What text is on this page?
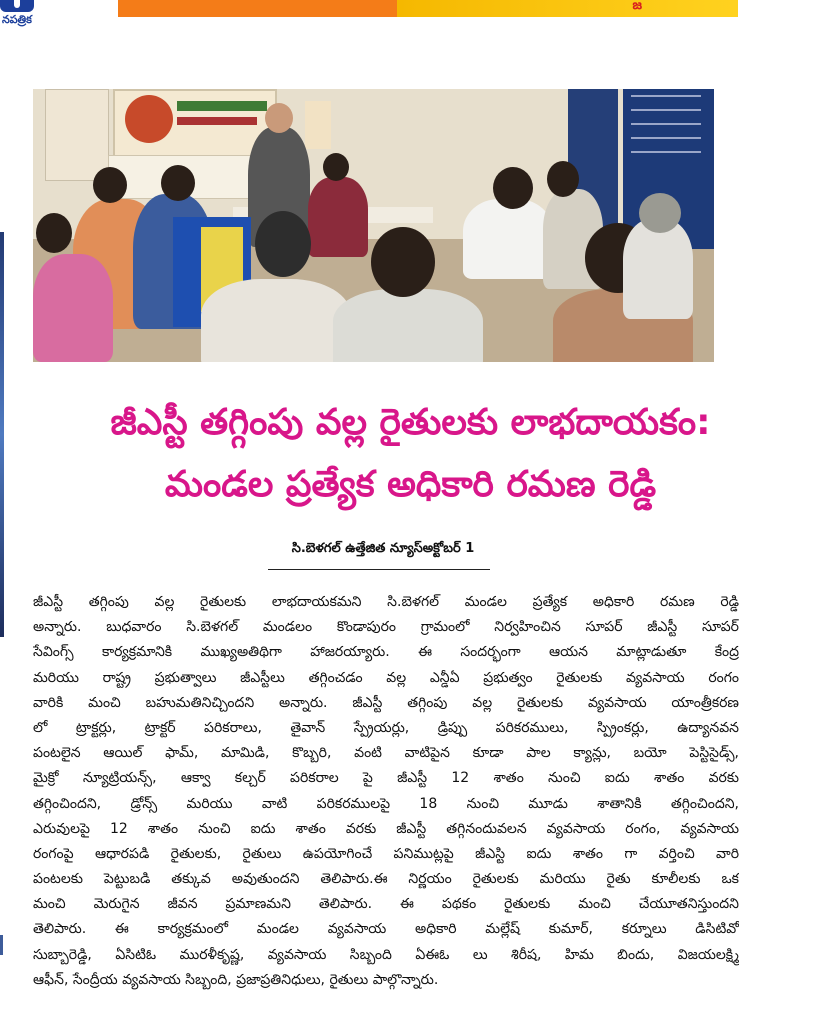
నపత్రిక
జ
జీఎస్టీ తగ్గింపు వల్ల రైతులకు లాభదాయకం:
మండల ప్రత్యేక అధికారి రమణ రెడ్డి
సి.బెళగల్ ఉత్తేజిత న్యూస్అక్టోబర్ 1
జీఎస్టీ తగ్గింపు వల్ల రైతులకు లాభదాయకమని సి.బెళగల్ మండల ప్రత్యేక అధికారి రమణ రెడ్డి
అన్నారు. బుధవారం సి.బెళగల్ మండలం కొండాపురం గ్రామంలో నిర్వహించిన సూపర్ జీఎస్టీ సూపర్
సేవింగ్స్ కార్యక్రమానికి ముఖ్యఅతిథిగా హాజరయ్యారు. ఈ సందర్భంగా ఆయన మాట్లాడుతూ కేంద్ర
మరియు రాష్ట్ర ప్రభుత్వాలు జీఎస్టీలు తగ్గించడం వల్ల ఎన్డీఏ ప్రభుత్వం రైతులకు వ్యవసాయ రంగం
వారికి మంచి బహుమతినిచ్చిందని అన్నారు. జీఎస్టీ తగ్గింపు వల్ల రైతులకు వ్యవసాయ యాంత్రీకరణ
లో ట్రాక్టర్లు, ట్రాక్టర్ పరికరాలు, తైవాన్ స్ప్రేయర్లు, డ్రిప్పు పరికరములు, స్ప్రింకర్లు, ఉద్యానవన
పంటలైన ఆయిల్ ఫామ్, మామిడి, కొబ్బరి, వంటి వాటిపైన కూడా పాల క్యాన్లు, బయో పెస్టిసైడ్స్,
మైక్రో న్యూట్రియన్స్, ఆక్వా కల్చర్ పరికరాల పై జీఎస్టీ 12 శాతం నుంచి ఐదు శాతం వరకు
తగ్గించిందని, డ్రోన్స్ మరియు వాటి పరికరములపై 18 నుంచి మూడు శాతానికి తగ్గించిందని,
ఎరువులపై 12 శాతం నుంచి ఐదు శాతం వరకు జీఎస్టీ తగ్గినందువలన వ్యవసాయ రంగం, వ్యవసాయ
రంగంపై ఆధారపడి రైతులకు, రైతులు ఉపయోగించే పనిముట్లపై జీఎస్టి ఐదు శాతం గా వర్తించి వారి
పంటలకు పెట్టుబడి తక్కువ అవుతుందని తెలిపారు.ఈ నిర్ణయం రైతులకు మరియు రైతు కూలీలకు ఒక
మంచి మెరుగైన జీవన ప్రమాణమని తెలిపారు. ఈ పథకం రైతులకు మంచి చేయూతనిస్తుందని
తెలిపారు. ఈ కార్యక్రమంలో మండల వ్యవసాయ అధికారి మల్లేష్ కుమార్, కర్నూలు డిసిటివో
సుబ్బారెడ్డి, ఏసిటిఓ మురళీకృష్ణ, వ్యవసాయ సిబ్బంది ఏఈఓ లు శిరీష, హిమ బిందు, విజయలక్ష్మి
ఆఫీన్, సేంద్రీయ వ్యవసాయ సిబ్బంది, ప్రజాప్రతినిధులు, రైతులు పాల్గొన్నారు.
